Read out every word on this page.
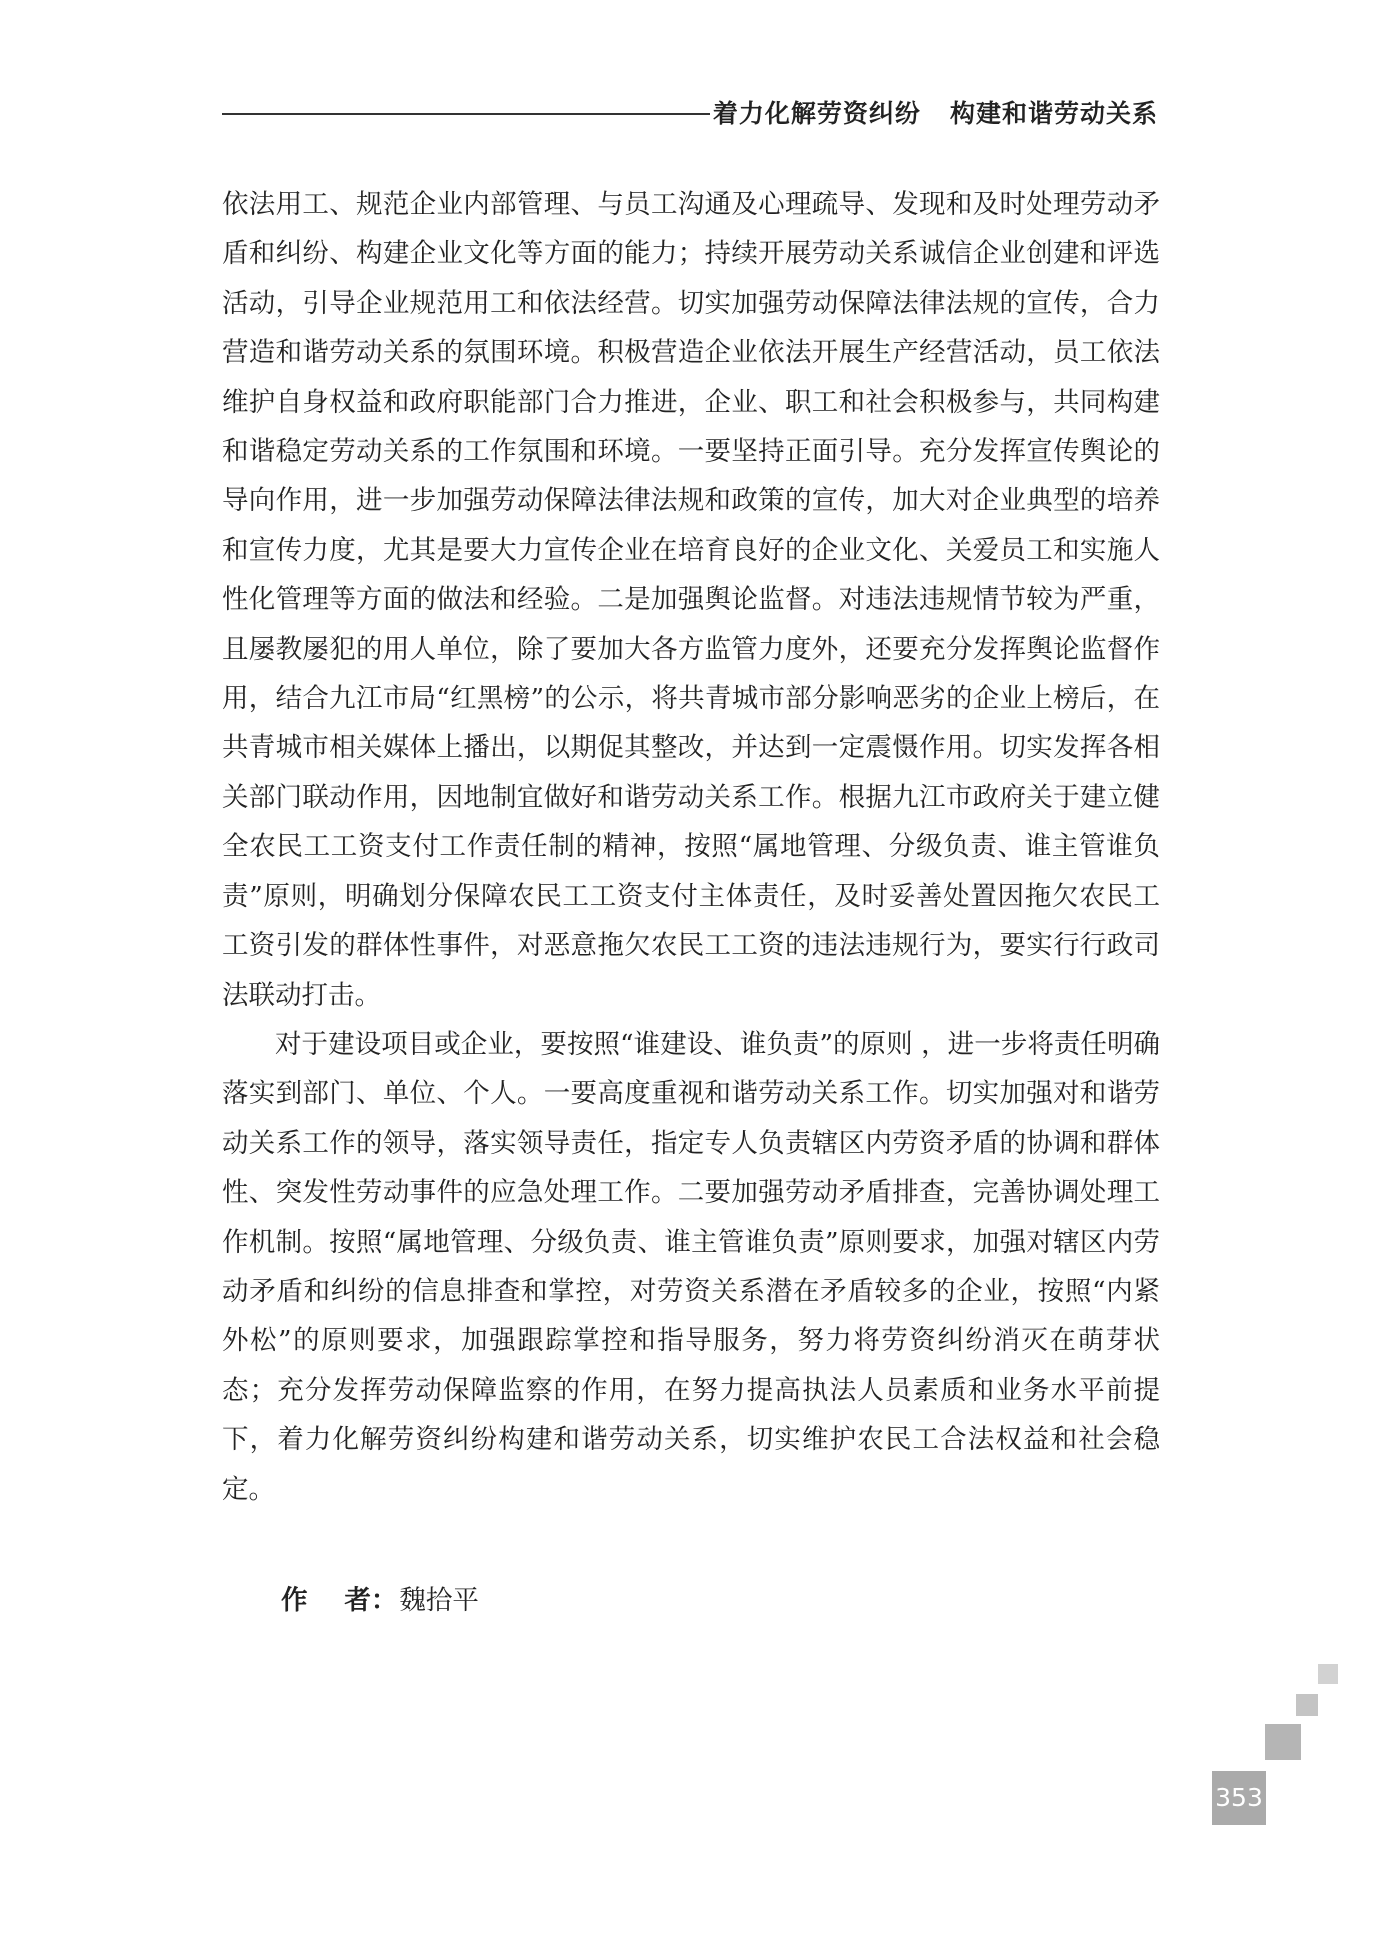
着力化解劳资纠纷   构建和谐劳动关系

依法用工、规范企业内部管理、与员工沟通及心理疏导、发现和及时处理劳动矛盾和纠纷、构建企业文化等方面的能力；持续开展劳动关系诚信企业创建和评选活动，引导企业规范用工和依法经营。切实加强劳动保障法律法规的宣传，合力营造和谐劳动关系的氛围环境。积极营造企业依法开展生产经营活动，员工依法维护自身权益和政府职能部门合力推进，企业、职工和社会积极参与，共同构建和谐稳定劳动关系的工作氛围和环境。一要坚持正面引导。充分发挥宣传舆论的导向作用，进一步加强劳动保障法律法规和政策的宣传，加大对企业典型的培养和宣传力度，尤其是要大力宣传企业在培育良好的企业文化、关爱员工和实施人性化管理等方面的做法和经验。二是加强舆论监督。对违法违规情节较为严重，且屡教屡犯的用人单位，除了要加大各方监管力度外，还要充分发挥舆论监督作用，结合九江市局“红黑榜”的公示，将共青城市部分影响恶劣的企业上榜后，在共青城市相关媒体上播出，以期促其整改，并达到一定震慑作用。切实发挥各相关部门联动作用，因地制宜做好和谐劳动关系工作。根据九江市政府关于建立健全农民工工资支付工作责任制的精神，按照“属地管理、分级负责、谁主管谁负责”原则，明确划分保障农民工工资支付主体责任，及时妥善处置因拖欠农民工工资引发的群体性事件，对恶意拖欠农民工工资的违法违规行为，要实行行政司法联动打击。

对于建设项目或企业，要按照“谁建设、谁负责”的原则 ，进一步将责任明确落实到部门、单位、个人。一要高度重视和谐劳动关系工作。切实加强对和谐劳动关系工作的领导，落实领导责任，指定专人负责辖区内劳资矛盾的协调和群体性、突发性劳动事件的应急处理工作。二要加强劳动矛盾排查，完善协调处理工作机制。按照“属地管理、分级负责、谁主管谁负责”原则要求，加强对辖区内劳动矛盾和纠纷的信息排查和掌控，对劳资关系潜在矛盾较多的企业，按照“内紧外松”的原则要求，加强跟踪掌控和指导服务，努力将劳资纠纷消灭在萌芽状态；充分发挥劳动保障监察的作用，在努力提高执法人员素质和业务水平前提下，着力化解劳资纠纷构建和谐劳动关系，切实维护农民工合法权益和社会稳定。

作    者：魏拾平
353
